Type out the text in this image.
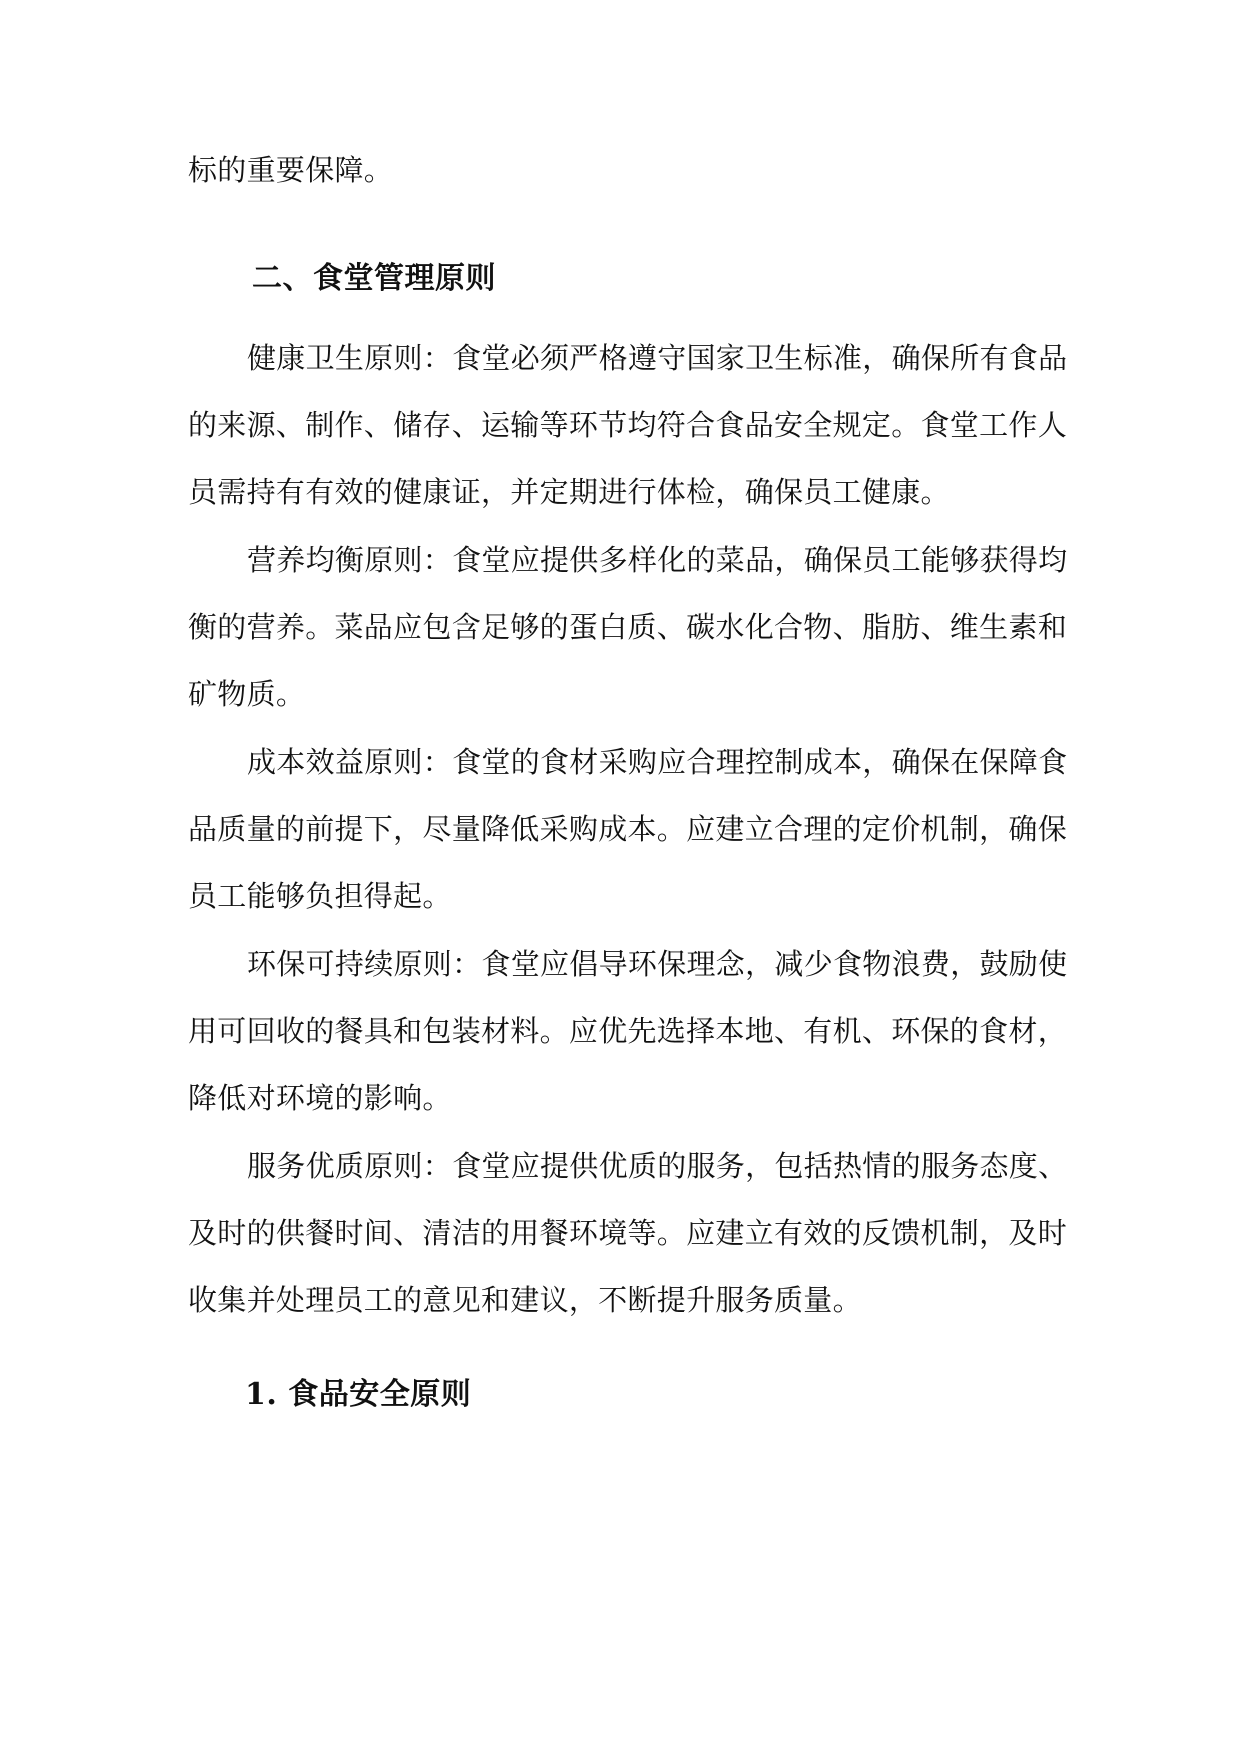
标的重要保障。
二、食堂管理原则
健康卫生原则：食堂必须严格遵守国家卫生标准，确保所有食品
的来源、制作、储存、运输等环节均符合食品安全规定。食堂工作人
员需持有有效的健康证，并定期进行体检，确保员工健康。
营养均衡原则：食堂应提供多样化的菜品，确保员工能够获得均
衡的营养。菜品应包含足够的蛋白质、碳水化合物、脂肪、维生素和
矿物质。
成本效益原则：食堂的食材采购应合理控制成本，确保在保障食
品质量的前提下，尽量降低采购成本。应建立合理的定价机制，确保
员工能够负担得起。
环保可持续原则：食堂应倡导环保理念，减少食物浪费，鼓励使
用可回收的餐具和包装材料。应优先选择本地、有机、环保的食材，
降低对环境的影响。
服务优质原则：食堂应提供优质的服务，包括热情的服务态度、
及时的供餐时间、清洁的用餐环境等。应建立有效的反馈机制，及时
收集并处理员工的意见和建议，不断提升服务质量。
1. 食品安全原则
